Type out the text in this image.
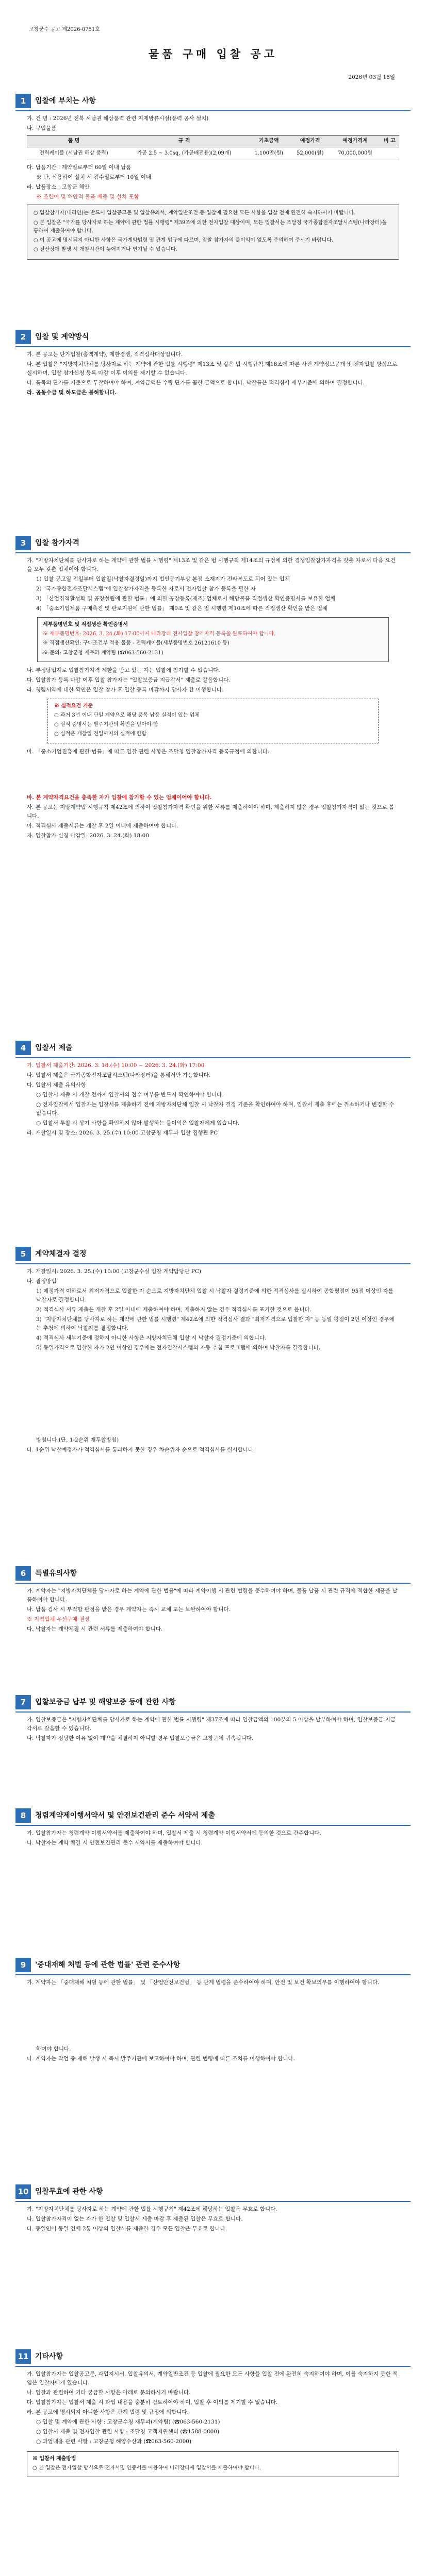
고창군수 공고 제2026-0751호
물품 구매 입찰 공고
2026년 03월 18일
1	입찰에 부치는 사항
가. 건 명 : 2026년 전북 서남권 해상풍력 관련 지제방류시설(풍력 공사 설치)
나. 구입물품
품 명	규 격	기초금액	예정가격	예정가격계	비 고
전력케이블 (서남권 해상 풍력)	가공 2.5 ~ 3.0sq, (가공배전용)(2,09개)	1,100만(원)	52,000(원)	70,000,000원	
다. 납품기간 : 계약일로부터 60일 이내 납품
※ 단, 식용하여 설치 시 검수일로부터 10일 이내
라. 납품장소 : 고창군 해안
※ 조련이 및 해안적 물품 배출 및 설치 포함
○ 입찰참가자(대리인)는 반드시 입찰공고문 및 입찰유의서, 계약일반조건 등 입찰에 필요한 모든 사항을 입찰 전에 완전히 숙지하시기 바랍니다.
○ 본 입찰은 "국가를 당사자로 하는 계약에 관한 법률 시행령" 제39조에 의한 전자입찰 대상이며, 모든 입찰서는 조달청 국가종합전자조달시스템(나라장터)을 통하여 제출하여야 합니다.
○ 이 공고에 명시되지 아니한 사항은 국가계약법령 및 관계 법규에 따르며, 입찰 참가자의 불이익이 없도록 주의하여 주시기 바랍니다.
○ 전산장애 발생 시 개찰시간이 늦어지거나 연기될 수 있습니다.
2	입찰 및 계약방식
가. 본 공고는 단가입찰(총액계약), 제한경쟁, 적격심사대상입니다.
나. 본 입찰은 "지방자치단체를 당사자로 하는 계약에 관한 법률 시행령" 제13조 및 같은 법 시행규칙 제18조에 따른 사전 계약정보공개 및 전자입찰 방식으로 실시하며, 입찰 참가신청 등록 마감 이후 이의를 제기할 수 없습니다.
다. 품목의 단가를 기준으로 투찰하여야 하며, 계약금액은 수량 단가를 곱한 금액으로 합니다. 낙찰률은 적격심사 세부기준에 의하여 결정합니다.
라. 공동수급 및 하도급은 불허합니다.
3	입찰 참가자격
가. "지방자치단체를 당사자로 하는 계약에 관한 법률 시행령" 제13조 및 같은 법 시행규칙 제14조의 규정에 의한 경쟁입찰참가자격을 갖춘 자로서 다음 요건을 모두 갖춘 업체여야 합니다.
1) 입찰 공고일 전일부터 입찰일(낙찰자결정일)까지 법인등기부상 본점 소재지가 전라북도로 되어 있는 업체
2) "국가종합전자조달시스템"에 입찰참가자격을 등록한 자로서 전자입찰 참가 등록을 필한 자
3) 「산업집적활성화 및 공장설립에 관한 법률」에 의한 공장등록(제조) 업체로서 해당물품 직접생산 확인증명서를 보유한 업체
4) 「중소기업제품 구매촉진 및 판로지원에 관한 법률」 제9조 및 같은 법 시행령 제10조에 따른 직접생산 확인을 받은 업체
세부품명번호 및 직접생산 확인증명서
※ 세부품명번호: 2026. 3. 24.(화) 17:00까지 나라장터 전자입찰 참가자격 등록을 완료하여야 합니다.
※ 직접생산확인: 구매조건부 적용 물품 - 전력케이블(세부품명번호 26121610 등)
※ 문의: 고창군청 재무과 계약팀 (☎063-560-2131)
나. 부정당업자로 입찰참가자격 제한을 받고 있는 자는 입찰에 참가할 수 없습니다.
다. 입찰참가 등록 마감 이후 입찰 참가자는 "입찰보증금 지급각서" 제출로 갈음합니다.
라. 청렴서약에 대한 확인은 입찰 참가 후 입찰 등록 마감까지 당사자 간 이행합니다.
※ 실적요건 기준
○ 과거 3년 이내 단일 계약으로 해당 품목 납품 실적이 있는 업체
○ 실적 증명서는 발주기관의 확인을 받아야 함
○ 실적은 개찰일 전일까지의 실적에 한함
마. 「중소기업진흥에 관한 법률」에 따른 입찰 관련 사항은 조달청 입찰참가자격 등록규정에 의합니다.
바. 본 계약자격요건을 충족한 자가 입찰에 참가할 수 있는 업체이어야 합니다.
사. 본 공고는 지방계약법 시행규칙 제42조에 의하여 입찰참가자격 확인을 위한 서류를 제출하여야 하며, 제출하지 않은 경우 입찰참가자격이 없는 것으로 봅니다.
아. 적격심사 제출서류는 개찰 후 2일 이내에 제출하여야 합니다.
자. 입찰참가 신청 마감일: 2026. 3. 24.(화) 18:00
4	입찰서 제출
가. 입찰서 제출기간: 2026. 3. 18.(수) 10:00 ~ 2026. 3. 24.(화) 17:00
나. 입찰서 제출은 국가종합전자조달시스템(나라장터)을 통해서만 가능합니다.
다. 입찰서 제출 유의사항
○ 입찰서 제출 시 개찰 전까지 입찰서의 접수 여부를 반드시 확인하여야 합니다.
○ 전자입찰에서 입찰자는 입찰서를 제출하기 전에 지방자치단체 입찰 시 낙찰자 결정 기준을 확인하여야 하며, 입찰서 제출 후에는 취소하거나 변경할 수 없습니다.
○ 입찰서 투찰 시 상기 사항을 확인하지 않아 발생하는 불이익은 입찰자에게 있습니다.
라. 개찰일시 및 장소: 2026. 3. 25.(수) 10:00 고창군청 재무과 입찰 집행관 PC
5	계약체결자 결정
가. 개찰일시: 2026. 3. 25.(수) 10:00 (고창군수실 입찰 계약담당관 PC)
나. 결정방법
1) 예정가격 이하로서 최저가격으로 입찰한 자 순으로 지방자치단체 입찰 시 낙찰자 결정기준에 의한 적격심사를 실시하여 종합평점이 95점 이상인 자를 낙찰자로 결정합니다.
2) 적격심사 서류 제출은 개찰 후 2일 이내에 제출하여야 하며, 제출하지 않는 경우 적격심사를 포기한 것으로 봅니다.
3) "지방자치단체를 당사자로 하는 계약에 관한 법률 시행령" 제42조에 의한 적격심사 결과 "최저가격으로 입찰한 자" 등 동일 평점이 2인 이상인 경우에는 추첨에 의하여 낙찰자를 결정합니다.
4) 적격심사 세부기준에 정하지 아니한 사항은 지방자치단체 입찰 시 낙찰자 결정기준에 의합니다.
5) 동일가격으로 입찰한 자가 2인 이상인 경우에는 전자입찰시스템의 자동 추첨 프로그램에 의하여 낙찰자를 결정합니다.
방침니다.(단, 1-2순위 재투찰방침)
다. 1순위 낙찰예정자가 적격심사를 통과하지 못한 경우 차순위자 순으로 적격심사를 실시합니다.
6	특별유의사항
가. 계약자는 "지방자치단체를 당사자로 하는 계약에 관한 법률"에 따라 계약이행 시 관련 법령을 준수하여야 하며, 물품 납품 시 관련 규격에 적합한 제품을 납품하여야 합니다.
나. 납품 검사 시 부적합 판정을 받은 경우 계약자는 즉시 교체 또는 보완하여야 합니다.
※ 지역업체 우선구매 권장
다. 낙찰자는 계약체결 시 관련 서류를 제출하여야 합니다.
7	입찰보증금 납부 및 해양보증 등에 관한 사항
가. 입찰보증금은 "지방자치단체를 당사자로 하는 계약에 관한 법률 시행령" 제37조에 따라 입찰금액의 100분의 5 이상을 납부하여야 하며, 입찰보증금 지급각서로 갈음할 수 있습니다.
나. 낙찰자가 정당한 이유 없이 계약을 체결하지 아니할 경우 입찰보증금은 고창군에 귀속됩니다.
8	청렴계약제이행서약서 및 안전보건관리 준수 서약서 제출
가. 입찰참가자는 청렴계약 이행서약서를 제출하여야 하며, 입찰서 제출 시 청렴계약 이행서약서에 동의한 것으로 간주합니다.
나. 낙찰자는 계약 체결 시 안전보건관리 준수 서약서를 제출하여야 합니다.
9	'중대재해 처벌 등에 관한 법률' 관련 준수사항
가. 계약자는 「중대재해 처벌 등에 관한 법률」 및 「산업안전보건법」 등 관계 법령을 준수하여야 하며, 안전 및 보건 확보의무를 이행하여야 합니다.
하여야 합니다.
나. 계약자는 작업 중 재해 발생 시 즉시 발주기관에 보고하여야 하며, 관련 법령에 따른 조치를 이행하여야 합니다.
10 입찰무효에 관한 사항
가. "지방자치단체를 당사자로 하는 계약에 관한 법률 시행규칙" 제42조에 해당하는 입찰은 무효로 합니다.
나. 입찰참가자격이 없는 자가 한 입찰 및 입찰서 제출 마감 후 제출된 입찰은 무효로 합니다.
다. 동일인이 동일 건에 2통 이상의 입찰서를 제출한 경우 모든 입찰은 무효로 합니다.
11 기타사항
가. 입찰참가자는 입찰공고문, 과업지시서, 입찰유의서, 계약일반조건 등 입찰에 필요한 모든 사항을 입찰 전에 완전히 숙지하여야 하며, 이를 숙지하지 못한 책임은 입찰자에게 있습니다.
나. 입찰과 관련하여 기타 궁금한 사항은 아래로 문의하시기 바랍니다.
다. 입찰참가자는 입찰서 제출 시 과업 내용을 충분히 검토하여야 하며, 입찰 후 이의를 제기할 수 없습니다.
라. 본 공고에 명시되지 아니한 사항은 관계 법령 및 규정에 의합니다.
○ 입찰 및 계약에 관한 사항 : 고창군수청 재무과(계약팀) (☎063-560-2131)
○ 입찰서 제출 및 전자입찰 관련 사항 : 조달청 고객지원센터 (☎1588-0800)
○ 과업내용 관련 사항 : 고창군청 해양수산과 (☎063-560-2000)
※ 입찰서 제출방법
○ 본 입찰은 전자입찰 방식으로 전자서명 인증서를 이용하여 나라장터에 입찰서를 제출하여야 합니다.
